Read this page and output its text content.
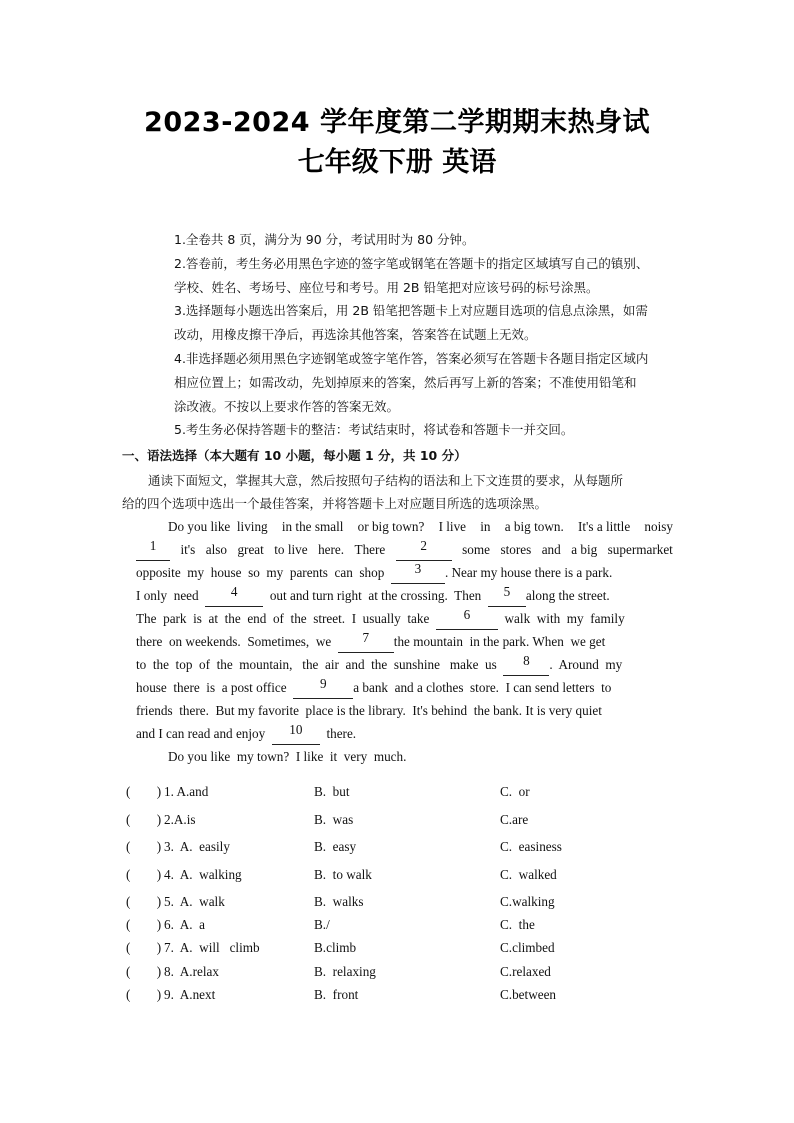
2023-2024 学年度第二学期期末热身试
七年级下册 英语

1.全卷共 8 页，满分为 90 分，考试用时为 80 分钟。

2.答卷前，考生务必用黑色字迹的签字笔或钢笔在答题卡的指定区域填写自己的镇别、

学校、姓名、考场号、座位号和考号。用 2B 铅笔把对应该号码的标号涂黑。

3.选择题每小题选出答案后，用 2B 铅笔把答题卡上对应题目选项的信息点涂黑，如需

改动，用橡皮擦干净后，再选涂其他答案，答案答在试题上无效。

4.非选择题必须用黑色字迹钢笔或签字笔作答，答案必须写在答题卡各题目指定区域内

相应位置上；如需改动，先划掉原来的答案，然后再写上新的答案；不准使用铅笔和

涂改液。不按以上要求作答的答案无效。

5.考生务必保持答题卡的整洁：考试结束时，将试卷和答题卡一并交回。

一、语法选择（本大题有 10 小题，每小题 1 分，共 10 分）

通读下面短文，掌握其大意，然后按照句子结构的语法和上下文连贯的要求，从每题所

给的四个选项中选出一个最佳答案，并将答题卡上对应题目所选的选项涂黑。

Do you like  living in the small or big town? I live in a big town. It's a little noisy
1	it's also great to live here. There	2	some stores and a big supermarket
opposite  my  house  so  my  parents  can  shop
	3	. Near my house there is a park.
I only  need
	4
	out and turn right  at the crossing.  Then
	5	along the street.
The  park  is  at  the  end  of  the  street.  I  usually  take
	6
	walk  with  my  family
there  on weekends.  Sometimes,  we
	7	the mountain  in the park. When  we get
to  the  top  of  the  mountain,   the  air  and  the  sunshine   make  us
	8	.  Around  my
house  there  is  a post office
	9	a bank  and a clothes  store.  I can send letters  to
friends  there.  But my favorite  place is the library.  It's behind  the bank. It is very quiet
and I can read and enjoy
	10
	there.
Do you like  my town?  I like  it  very  much.
(        ) 1. A.and	B.  but	C.  or
(        ) 2.A.is	B.  was	C.are
(        ) 3.  A.  easily	B.  easy	C.  easiness
(        ) 4.  A.  walking	B.  to walk	C.  walked
(        ) 5.  A.  walk	B.  walks	C.walking
(        ) 6.  A.  a	B./	C.  the
(        ) 7.  A.  will   climb	B.climb	C.climbed
(        ) 8.  A.relax	B.  relaxing	C.relaxed
(        ) 9.  A.next	B.  front	C.between
